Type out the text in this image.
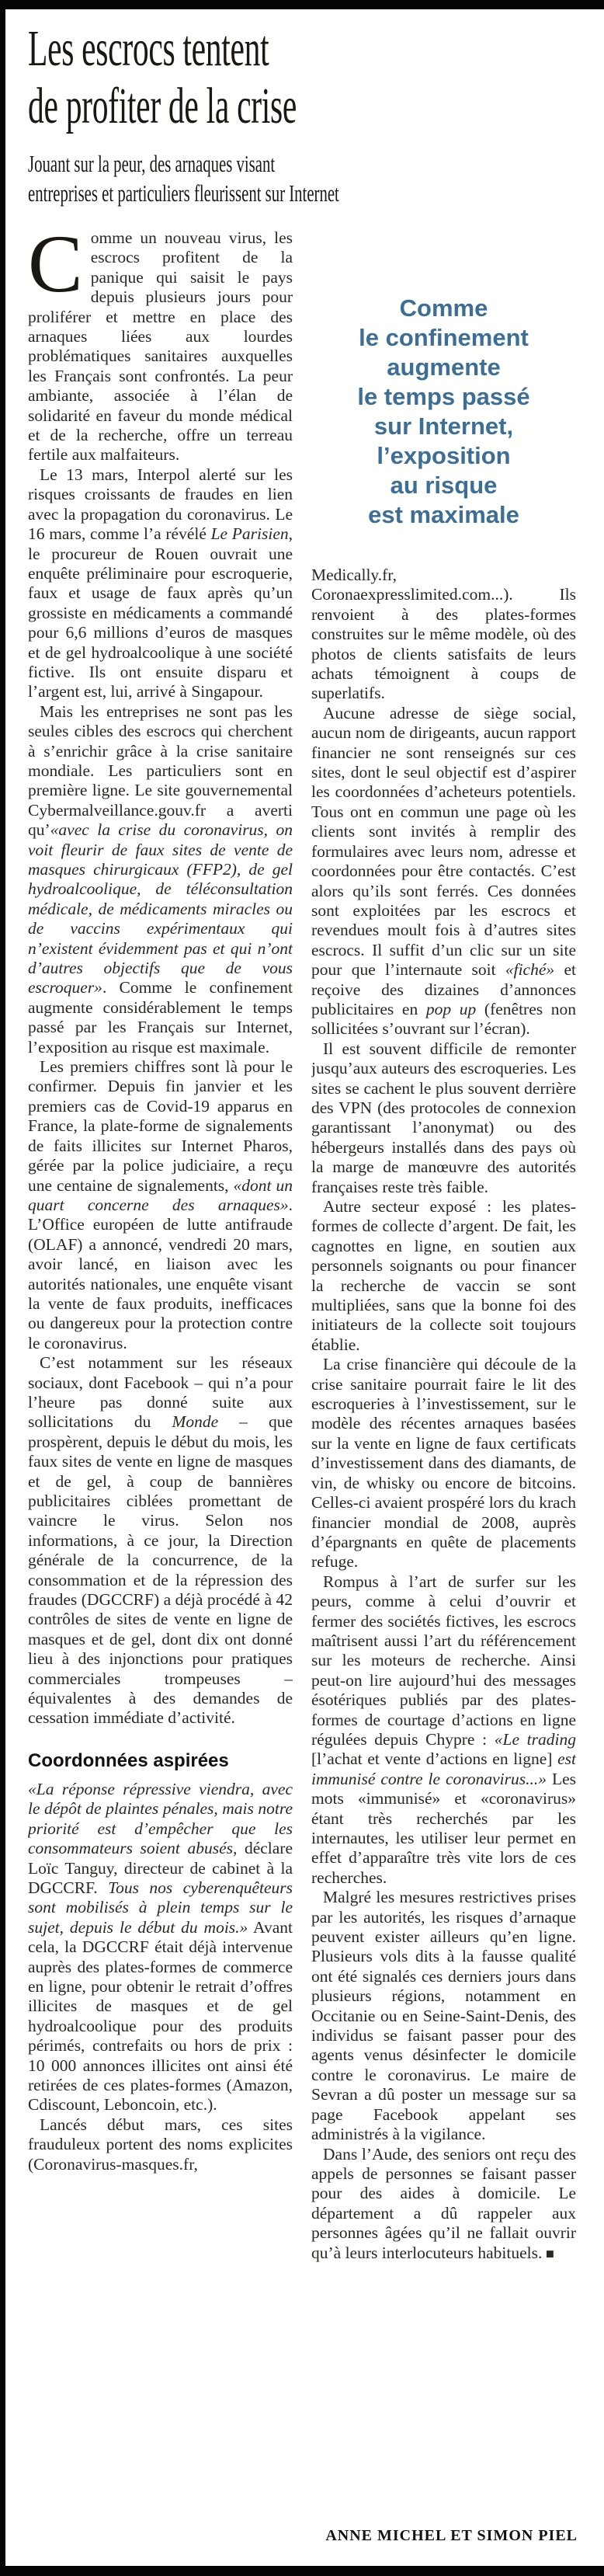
Les escrocs tentent
de profiter de la crise
Jouant sur la peur, des arnaques visant
entreprises et particuliers fleurissent sur Internet

Comme un nouveau virus, les escrocs profitent de la panique qui saisit le pays depuis plusieurs jours pour proliférer et mettre en place des arnaques liées aux lourdes problématiques sanitaires auxquelles les Français sont confrontés. La peur ambiante, associée à l’élan de solidarité en faveur du monde médical et de la recherche, offre un terreau fertile aux malfaiteurs.

Le 13 mars, Interpol alerté sur les risques croissants de fraudes en lien avec la propagation du coronavirus. Le 16 mars, comme l’a révélé Le Parisien, le procureur de Rouen ouvrait une enquête préliminaire pour escroquerie, faux et usage de faux après qu’un grossiste en médicaments a commandé pour 6,6 millions d’euros de masques et de gel hydroalcoolique à une société fictive. Ils ont ensuite disparu et l’argent est, lui, arrivé à Singapour.

Mais les entreprises ne sont pas les seules cibles des escrocs qui cherchent à s’enrichir grâce à la crise sanitaire mondiale. Les particuliers sont en première ligne. Le site gouvernemental Cybermalveillance.gouv.fr a averti qu’«avec la crise du coronavirus, on voit fleurir de faux sites de vente de masques chirurgicaux (FFP2), de gel hydroalcoolique, de téléconsultation médicale, de médicaments miracles ou de vaccins expérimentaux qui n’existent évidemment pas et qui n’ont d’autres objectifs que de vous escroquer». Comme le confinement augmente considérablement le temps passé par les Français sur Internet, l’exposition au risque est maximale.

Les premiers chiffres sont là pour le confirmer. Depuis fin janvier et les premiers cas de Covid-19 apparus en France, la plate-forme de signalements de faits illicites sur Internet Pharos, gérée par la police judiciaire, a reçu une centaine de signalements, «dont un quart concerne des arnaques». L’Office européen de lutte antifraude (OLAF) a annoncé, vendredi 20 mars, avoir lancé, en liaison avec les autorités nationales, une enquête visant la vente de faux produits, inefficaces ou dangereux pour la protection contre le coronavirus.

C’est notamment sur les réseaux sociaux, dont Facebook – qui n’a pour l’heure pas donné suite aux sollicitations du Monde – que prospèrent, depuis le début du mois, les faux sites de vente en ligne de masques et de gel, à coup de bannières publicitaires ciblées promettant de vaincre le virus. Selon nos informations, à ce jour, la Direction générale de la concurrence, de la consommation et de la répression des fraudes (DGCCRF) a déjà procédé à 42 contrôles de sites de vente en ligne de masques et de gel, dont dix ont donné lieu à des injonctions pour pratiques commerciales trompeuses – équivalentes à des demandes de cessation immédiate d’activité.

Coordonnées aspirées

«La réponse répressive viendra, avec le dépôt de plaintes pénales, mais notre priorité est d’empêcher que les consommateurs soient abusés, déclare Loïc Tanguy, directeur de cabinet à la DGCCRF. Tous nos cyberenquêteurs sont mobilisés à plein temps sur le sujet, depuis le début du mois.» Avant cela, la DGCCRF était déjà intervenue auprès des plates-formes de commerce en ligne, pour obtenir le retrait d’offres illicites de masques et de gel hydroalcoolique pour des produits périmés, contrefaits ou hors de prix : 10 000 annonces illicites ont ainsi été retirées de ces plates-formes (Amazon, Cdiscount, Leboncoin, etc.).

Lancés début mars, ces sites frauduleux portent des noms explicites (Coronavirus-masques.fr,

Comme
le confinement
augmente
le temps passé
sur Internet,
l’exposition
au risque
est maximale

Medically.fr, Coronaexpresslimited.com...). Ils renvoient à des plates-formes construites sur le même modèle, où des photos de clients satisfaits de leurs achats témoignent à coups de superlatifs.

Aucune adresse de siège social, aucun nom de dirigeants, aucun rapport financier ne sont renseignés sur ces sites, dont le seul objectif est d’aspirer les coordonnées d’acheteurs potentiels. Tous ont en commun une page où les clients sont invités à remplir des formulaires avec leurs nom, adresse et coordonnées pour être contactés. C’est alors qu’ils sont ferrés. Ces données sont exploitées par les escrocs et revendues moult fois à d’autres sites escrocs. Il suffit d’un clic sur un site pour que l’internaute soit «fiché» et reçoive des dizaines d’annonces publicitaires en pop up (fenêtres non sollicitées s’ouvrant sur l’écran).

Il est souvent difficile de remonter jusqu’aux auteurs des escroqueries. Les sites se cachent le plus souvent derrière des VPN (des protocoles de connexion garantissant l’anonymat) ou des hébergeurs installés dans des pays où la marge de manœuvre des autorités françaises reste très faible.

Autre secteur exposé : les plates-formes de collecte d’argent. De fait, les cagnottes en ligne, en soutien aux personnels soignants ou pour financer la recherche de vaccin se sont multipliées, sans que la bonne foi des initiateurs de la collecte soit toujours établie.

La crise financière qui découle de la crise sanitaire pourrait faire le lit des escroqueries à l’investissement, sur le modèle des récentes arnaques basées sur la vente en ligne de faux certificats d’investissement dans des diamants, de vin, de whisky ou encore de bitcoins. Celles-ci avaient prospéré lors du krach financier mondial de 2008, auprès d’épargnants en quête de placements refuge.

Rompus à l’art de surfer sur les peurs, comme à celui d’ouvrir et fermer des sociétés fictives, les escrocs maîtrisent aussi l’art du référencement sur les moteurs de recherche. Ainsi peut-on lire aujourd’hui des messages ésotériques publiés par des plates-formes de courtage d’actions en ligne régulées depuis Chypre : «Le trading [l’achat et vente d’actions en ligne] est immunisé contre le coronavirus...» Les mots «immunisé» et «coronavirus» étant très recherchés par les internautes, les utiliser leur permet en effet d’apparaître très vite lors de ces recherches.

Malgré les mesures restrictives prises par les autorités, les risques d’arnaque peuvent exister ailleurs qu’en ligne. Plusieurs vols dits à la fausse qualité ont été signalés ces derniers jours dans plusieurs régions, notamment en Occitanie ou en Seine-Saint-Denis, des individus se faisant passer pour des agents venus désinfecter le domicile contre le coronavirus. Le maire de Sevran a dû poster un message sur sa page Facebook appelant ses administrés à la vigilance.

Dans l’Aude, des seniors ont reçu des appels de personnes se faisant passer pour des aides à domicile. Le département a dû rappeler aux personnes âgées qu’il ne fallait ouvrir qu’à leurs interlocuteurs habituels. ■

ANNE MICHEL ET SIMON PIEL
